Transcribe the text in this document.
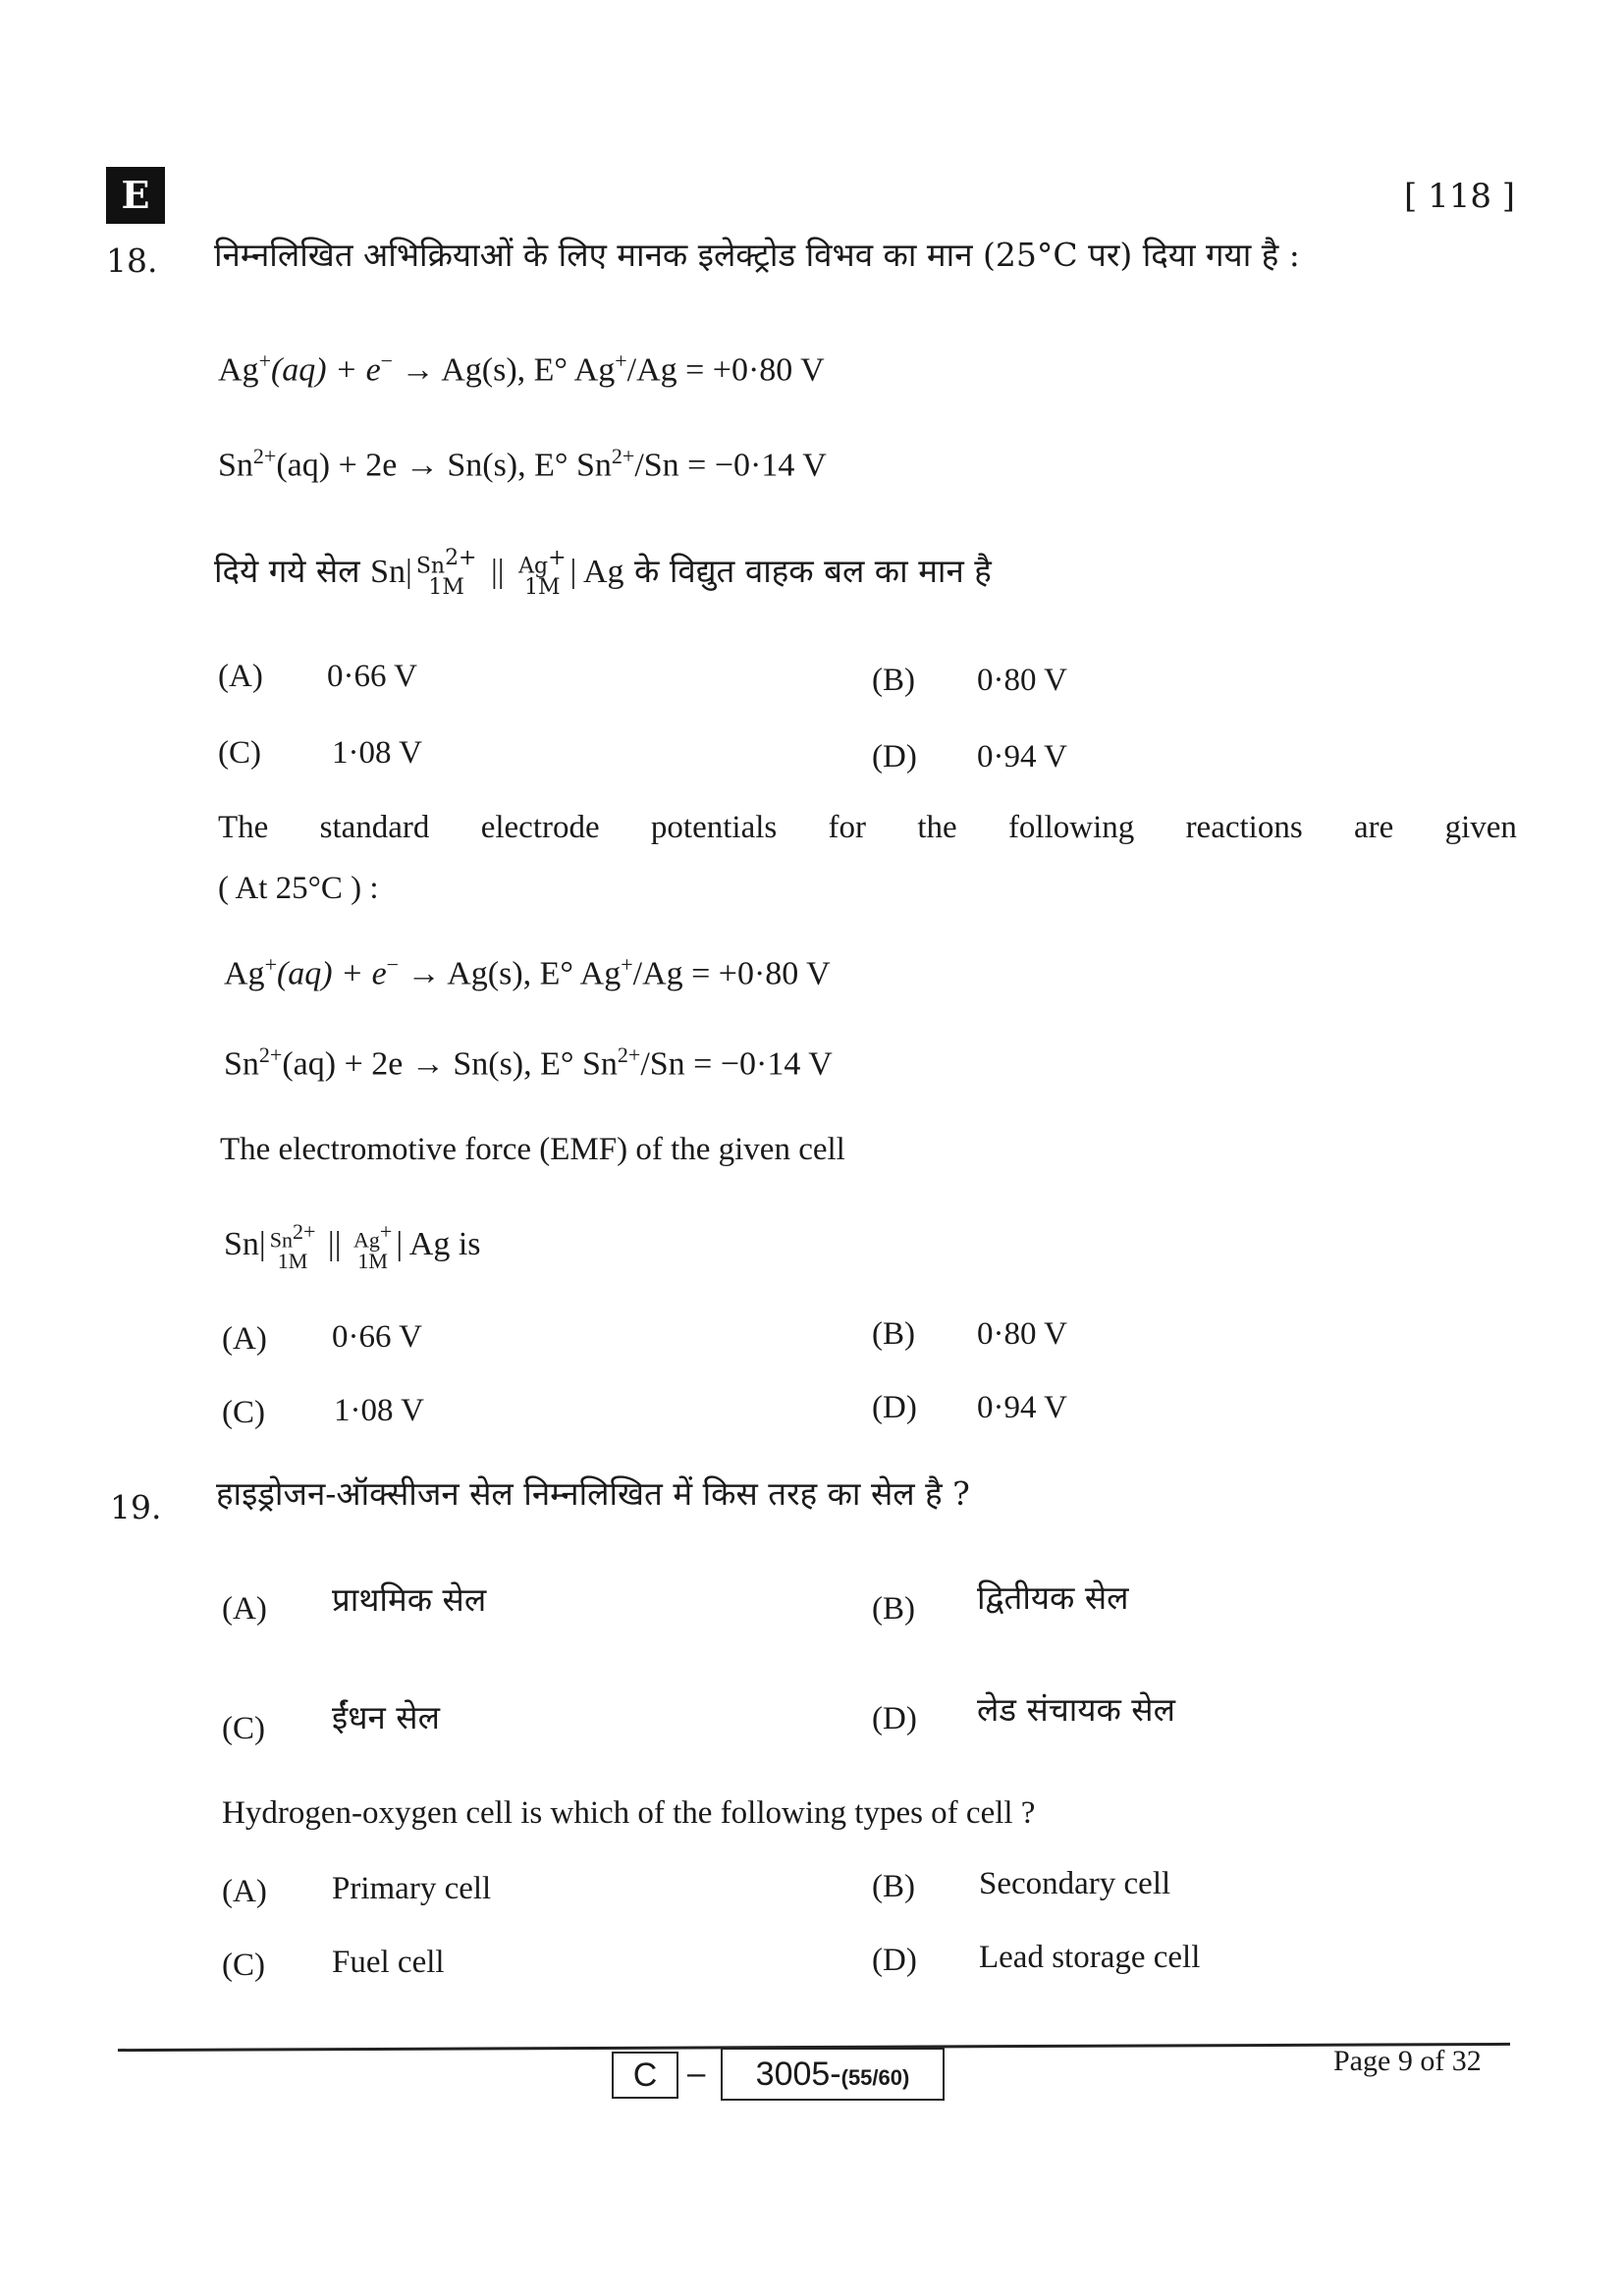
E	[ 118 ]
18. निम्नलिखित अभिक्रियाओं के लिए मानक इलेक्ट्रोड विभव का मान (25°C पर) दिया गया है :
Ag+(aq) + e− → Ag(s), E° Ag+/Ag = +0·80 V
$Sn^{2+}(aq) + 2e \to Sn(s)$, E° $Sn^{2+}/Sn = -0\cdot 14$ V
दिये गये सेल Sn| $Sn^{2+}$
1M || Ag+
1M | Ag के विद्युत वाहक बल का मान है
(A) 0·66 V	(B) 0·80 V
(C) 1·08 V	(D) 0·94 V
The standard electrode potentials for the following reactions are given
( At 25°C ) :
Ag+(aq) + e− → Ag(s), E° Ag+/Ag = +0·80 V
$Sn^{2+}(aq) + 2e \to Sn(s)$, E° $Sn^{2+}/Sn = -0\cdot 14$ V
The electromotive force (EMF) of the given cell
Sn| $Sn^{2+}$
1M || Ag+
1M | Ag is
(A) 0·66 V	(B) 0·80 V
(C) 1·08 V	(D) 0·94 V
19. हाइड्रोजन-ऑक्सीजन सेल निम्नलिखित में किस तरह का सेल है ?
(A) प्राथमिक सेल	(B) द्वितीयक सेल
(C) ईंधन सेल	(D) लेड संचायक सेल
Hydrogen-oxygen cell is which of the following types of cell ?
(A) Primary cell	(B) Secondary cell
(C) Fuel cell	(D) Lead storage cell
C –	3005-(55/60)
Page 9 of 32
